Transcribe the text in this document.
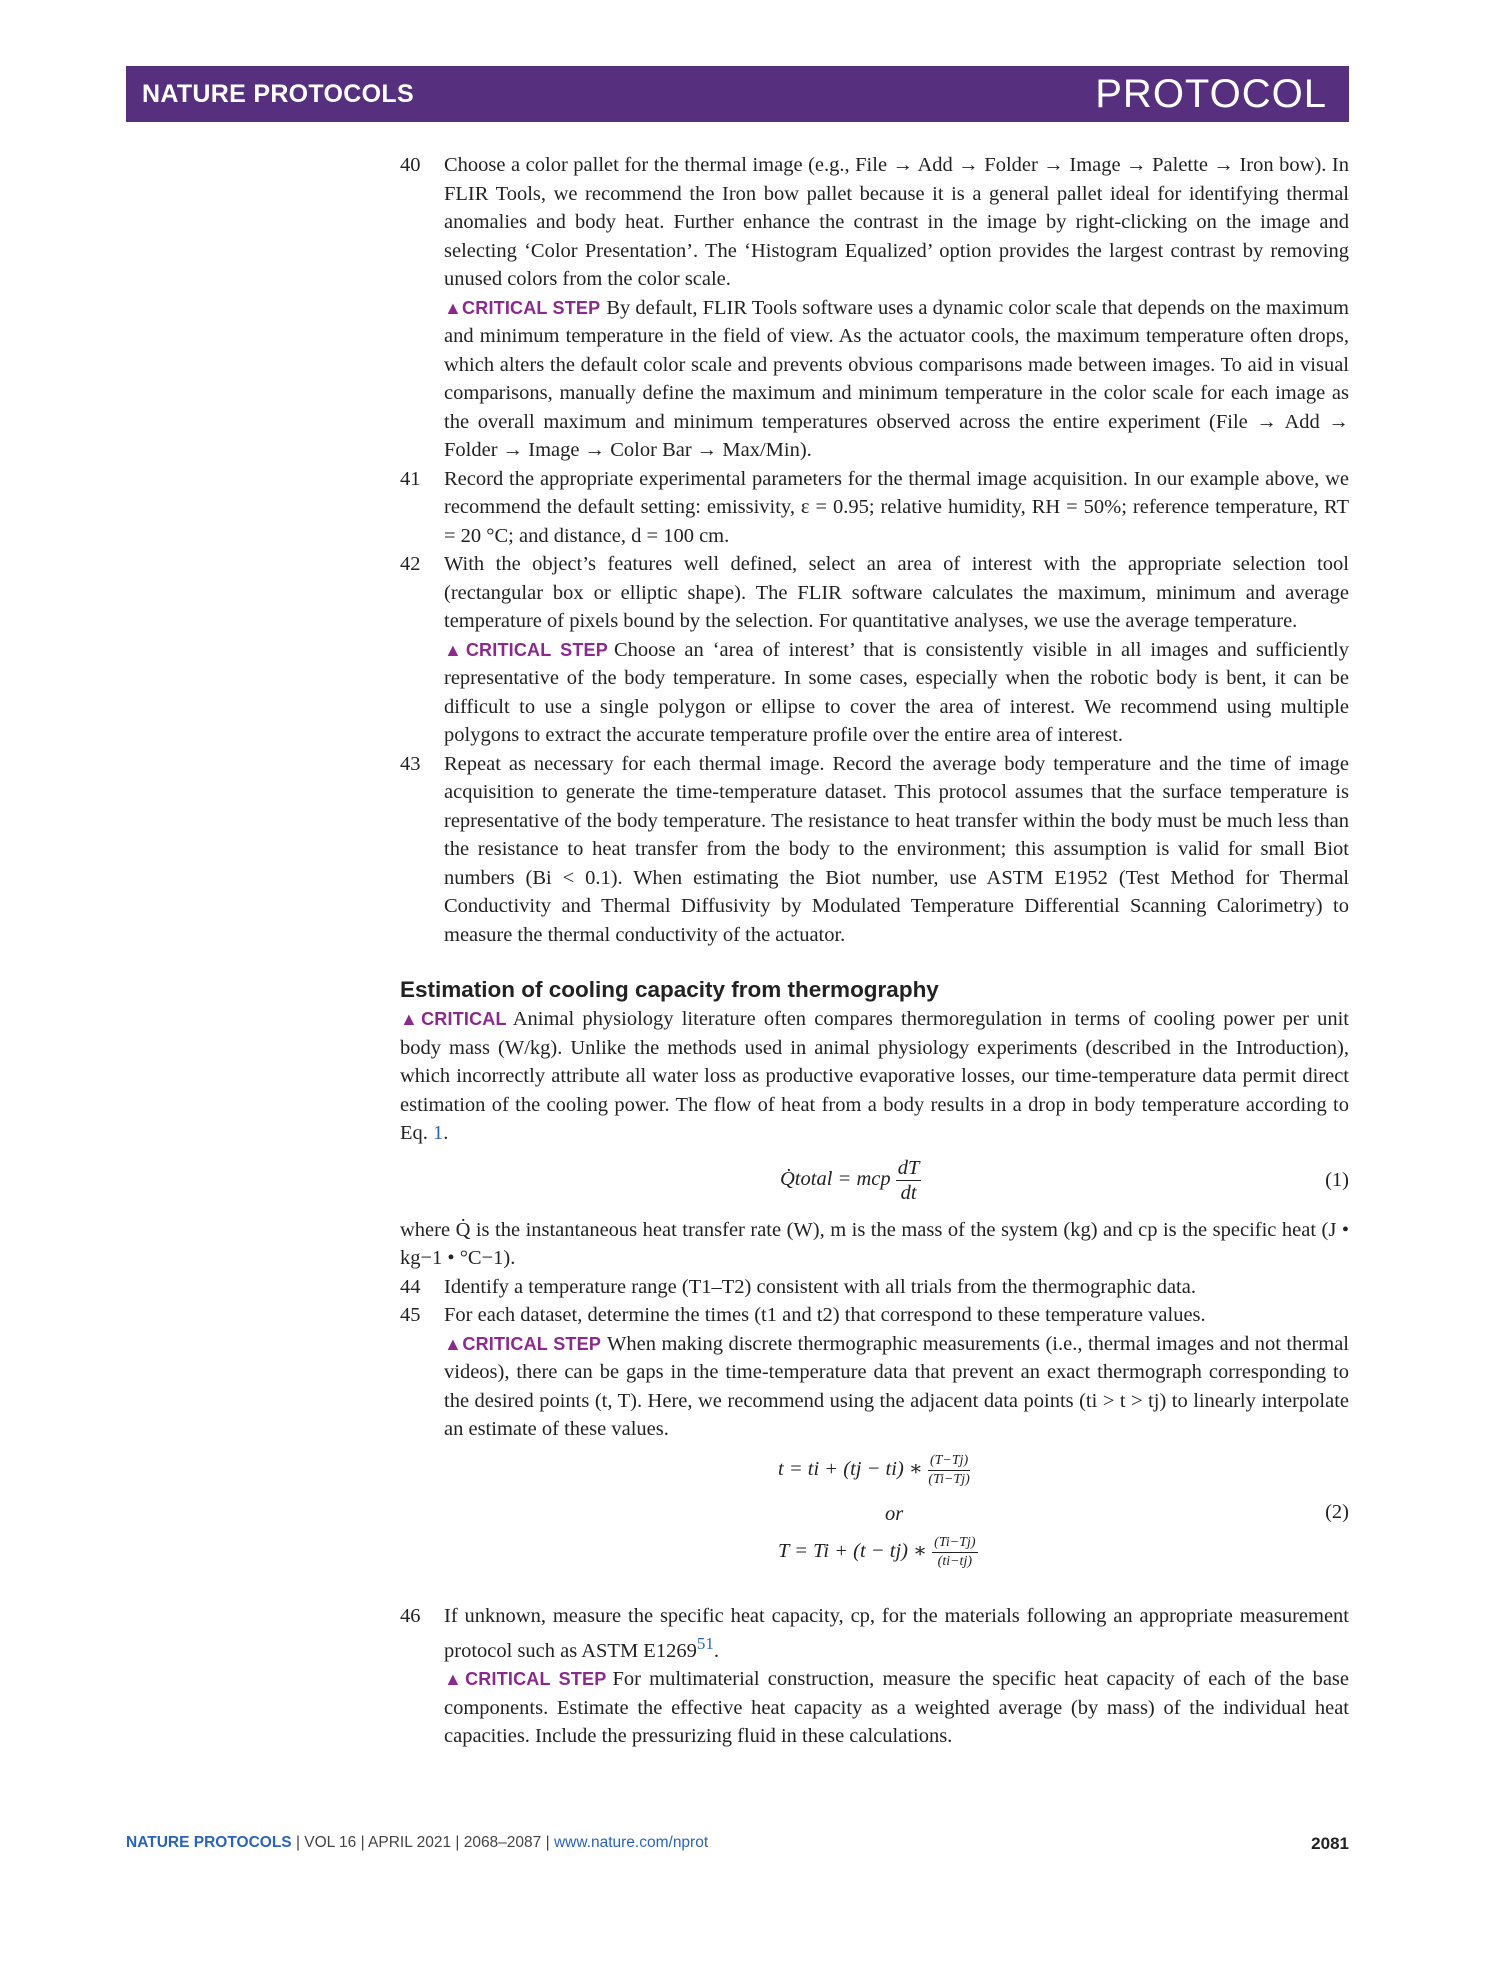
NATURE PROTOCOLS	PROTOCOL
40 Choose a color pallet for the thermal image (e.g., File → Add → Folder → Image → Palette → Iron bow). In FLIR Tools, we recommend the Iron bow pallet because it is a general pallet ideal for identifying thermal anomalies and body heat. Further enhance the contrast in the image by right-clicking on the image and selecting ‘Color Presentation’. The ‘Histogram Equalized’ option provides the largest contrast by removing unused colors from the color scale.

▲CRITICAL STEP By default, FLIR Tools software uses a dynamic color scale that depends on the maximum and minimum temperature in the field of view. As the actuator cools, the maximum temperature often drops, which alters the default color scale and prevents obvious comparisons made between images. To aid in visual comparisons, manually define the maximum and minimum temperature in the color scale for each image as the overall maximum and minimum temperatures observed across the entire experiment (File → Add → Folder → Image → Color Bar → Max/Min).

41 Record the appropriate experimental parameters for the thermal image acquisition. In our example above, we recommend the default setting: emissivity, ε = 0.95; relative humidity, RH = 50%; reference temperature, RT = 20 °C; and distance, d = 100 cm.

42 With the object’s features well defined, select an area of interest with the appropriate selection tool (rectangular box or elliptic shape). The FLIR software calculates the maximum, minimum and average temperature of pixels bound by the selection. For quantitative analyses, we use the average temperature.

▲CRITICAL STEP Choose an ‘area of interest’ that is consistently visible in all images and sufficiently representative of the body temperature. In some cases, especially when the robotic body is bent, it can be difficult to use a single polygon or ellipse to cover the area of interest. We recommend using multiple polygons to extract the accurate temperature profile over the entire area of interest.

43 Repeat as necessary for each thermal image. Record the average body temperature and the time of image acquisition to generate the time-temperature dataset. This protocol assumes that the surface temperature is representative of the body temperature. The resistance to heat transfer within the body must be much less than the resistance to heat transfer from the body to the environment; this assumption is valid for small Biot numbers (Bi < 0.1). When estimating the Biot number, use ASTM E1952 (Test Method for Thermal Conductivity and Thermal Diffusivity by Modulated Temperature Differential Scanning Calorimetry) to measure the thermal conductivity of the actuator.

Estimation of cooling capacity from thermography

▲CRITICAL Animal physiology literature often compares thermoregulation in terms of cooling power per unit body mass (W/kg). Unlike the methods used in animal physiology experiments (described in the Introduction), which incorrectly attribute all water loss as productive evaporative losses, our time-temperature data permit direct estimation of the cooling power. The flow of heat from a body results in a drop in body temperature according to Eq. 1.

Q̇total = mcp $\frac{dT}{dt}$	(1)

where Q̇ is the instantaneous heat transfer rate (W), m is the mass of the system (kg) and cp is the specific heat (J • kg−1 • °C−1).

44 Identify a temperature range (T1–T2) consistent with all trials from the thermographic data.

45 For each dataset, determine the times (t1 and t2) that correspond to these temperature values.

▲CRITICAL STEP When making discrete thermographic measurements (i.e., thermal images and not thermal videos), there can be gaps in the time-temperature data that prevent an exact thermograph corresponding to the desired points (t, T). Here, we recommend using the adjacent data points (ti > t > tj) to linearly interpolate an estimate of these values.

t = ti + (tj − ti) ∗ $\frac{(T-Tj)}{(Ti-Tj)}$
or
T = Ti + (t − tj) ∗ $\frac{(Ti-Tj)}{(ti-tj)}$
(2)
46 If unknown, measure the specific heat capacity, cp, for the materials following an appropriate measurement protocol such as ASTM E1269$^{51}$.

▲CRITICAL STEP For multimaterial construction, measure the specific heat capacity of each of the base components. Estimate the effective heat capacity as a weighted average (by mass) of the individual heat capacities. Include the pressurizing fluid in these calculations.

NATURE PROTOCOLS | VOL 16 | APRIL 2021 | 2068–2087 | www.nature.com/nprot	2081
